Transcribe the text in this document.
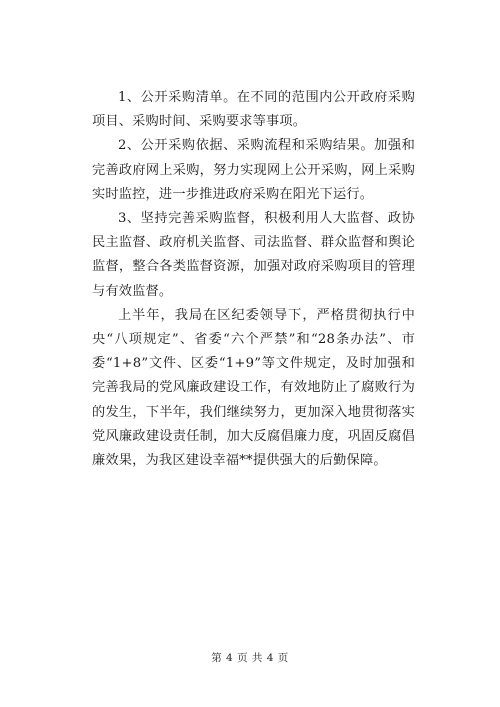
1、公开采购清单。在不同的范围内公开政府采购项目、采购时间、采购要求等事项。

2、公开采购依据、采购流程和采购结果。加强和完善政府网上采购，努力实现网上公开采购，网上采购实时监控，进一步推进政府采购在阳光下运行。

3、坚持完善采购监督，积极利用人大监督、政协民主监督、政府机关监督、司法监督、群众监督和舆论监督，整合各类监督资源，加强对政府采购项目的管理与有效监督。

上半年，我局在区纪委领导下，严格贯彻执行中央“八项规定”、省委“六个严禁”和“28条办法”、市委“1+8”文件、区委“1+9”等文件规定，及时加强和完善我局的党风廉政建设工作，有效地防止了腐败行为的发生，下半年，我们继续努力，更加深入地贯彻落实党风廉政建设责任制，加大反腐倡廉力度，巩固反腐倡廉效果，为我区建设幸福**提供强大的后勤保障。

第 4 页 共 4 页
